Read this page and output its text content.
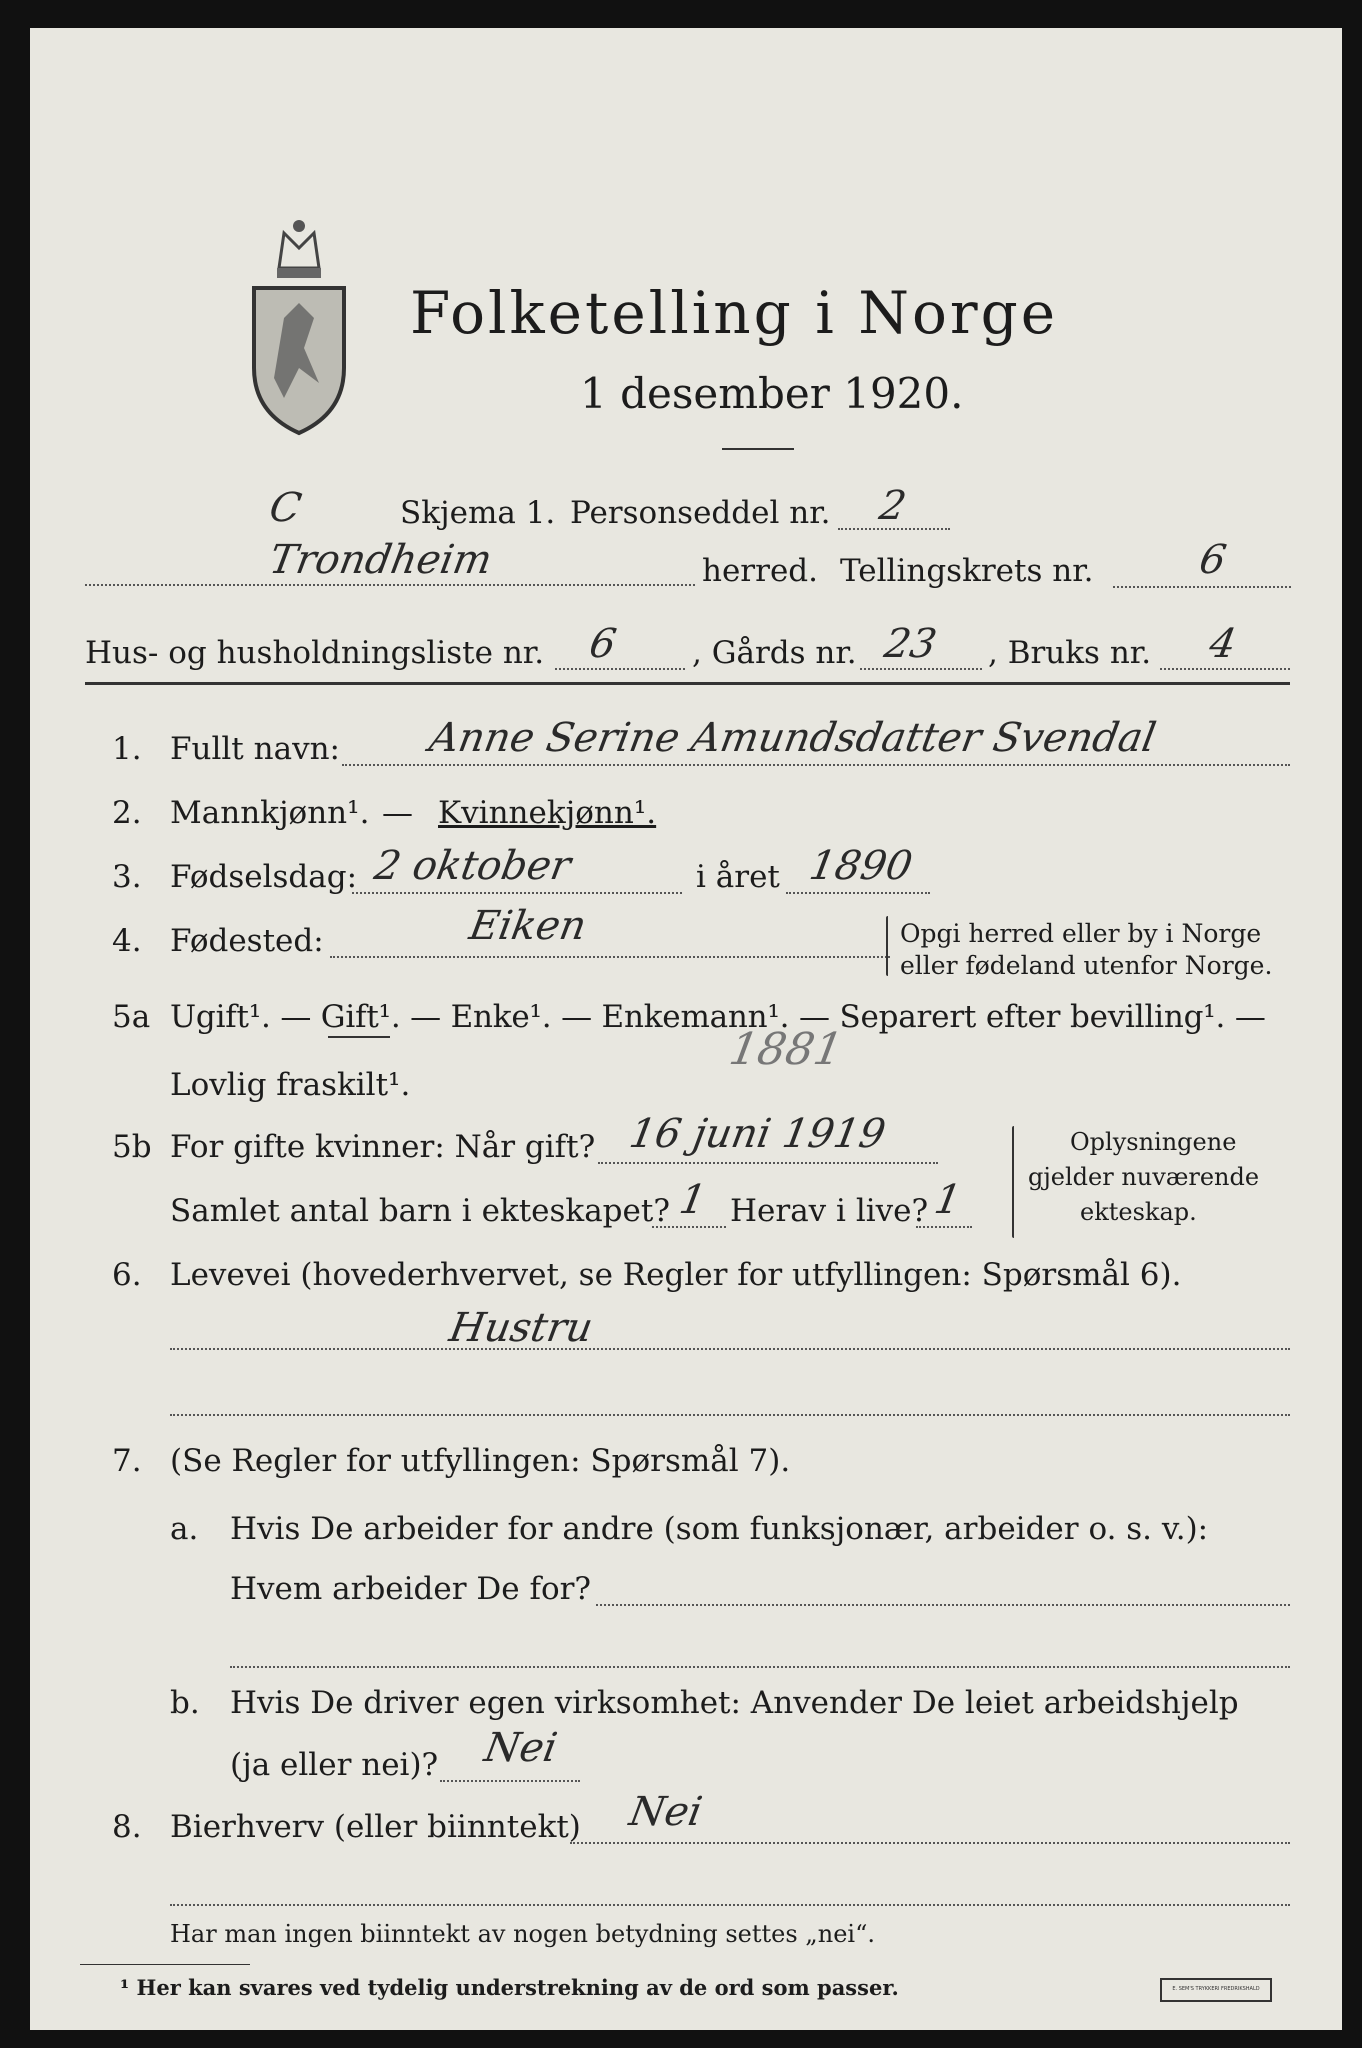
Folketelling i Norge
1 desember 1920.
C	Skjema 1. Personseddel nr. 2
Trondheim	herred. Tellingskrets nr.	6
Hus- og husholdningsliste nr. 6 , Gårds nr. 23 , Bruks nr. 4
1. Fullt navn: Anne Serine Amundsdatter Svendal
2. Mannkjønn¹. — Kvinnekjønn¹.
3. Fødselsdag: 2 oktober	i året 1890
4. Fødested:	Eiken	Opgi herred eller by i Norge
eller fødeland utenfor Norge.
5a Ugift¹. — Gift¹. — Enke¹. — Enkemann¹. — Separert efter bevilling¹. —
Lovlig fraskilt¹.
1881
5b For gifte kvinner: Når gift? 16 juni 1919
Samlet antal barn i ekteskapet? 1 Herav i live? 1
Oplysningene
gjelder nuværende
ekteskap.
6. Levevei (hovederhvervet, se Regler for utfyllingen: Spørsmål 6).
Hustru
7. (Se Regler for utfyllingen: Spørsmål 7).
a. Hvis De arbeider for andre (som funksjonær, arbeider o. s. v.):
Hvem arbeider De for?
b. Hvis De driver egen virksomhet: Anvender De leiet arbeidshjelp
(ja eller nei)? Nei
8. Bierhverv (eller biinntekt) Nei
Har man ingen biinntekt av nogen betydning settes „nei“.
¹ Her kan svares ved tydelig understrekning av de ord som passer.	E. SEM'S TRYKKERI FREDRIKSHALD
